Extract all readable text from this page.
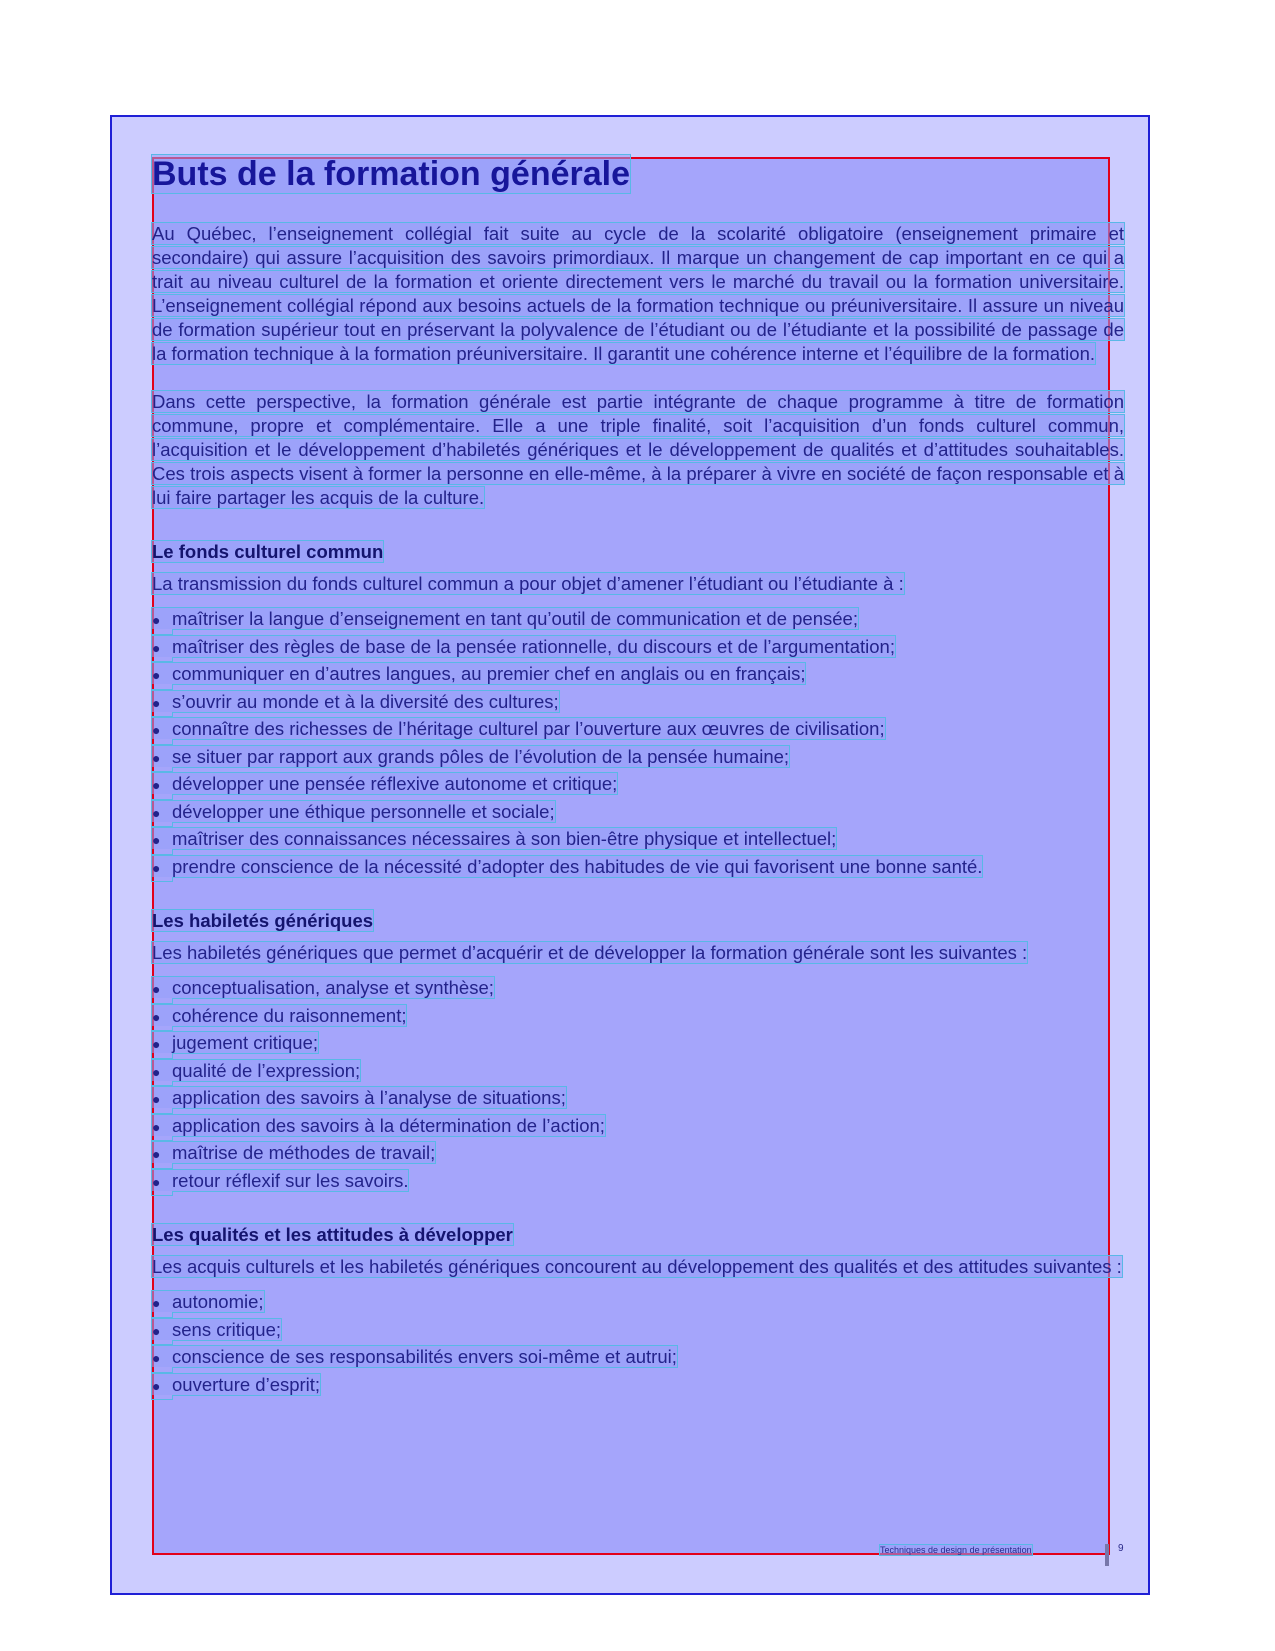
Buts de la formation générale

Au Québec, l’enseignement collégial fait suite au cycle de la scolarité obligatoire (enseignement primaire et secondaire) qui assure l’acquisition des savoirs primordiaux. Il marque un changement de cap important en ce qui a trait au niveau culturel de la formation et oriente directement vers le marché du travail ou la formation universitaire. L’enseignement collégial répond aux besoins actuels de la formation technique ou préuniversitaire. Il assure un niveau de formation supérieur tout en préservant la polyvalence de l’étudiant ou de l’étudiante et la possibilité de passage de la formation technique à la formation préuniversitaire. Il garantit une cohérence interne et l’équilibre de la formation.

Dans cette perspective, la formation générale est partie intégrante de chaque programme à titre de formation commune, propre et complémentaire. Elle a une triple finalité, soit l’acquisition d’un fonds culturel commun, l’acquisition et le développement d’habiletés génériques et le développement de qualités et d’attitudes souhaitables. Ces trois aspects visent à former la personne en elle-même, à la préparer à vivre en société de façon responsable et à lui faire partager les acquis de la culture.

Le fonds culturel commun

La transmission du fonds culturel commun a pour objet d’amener l’étudiant ou l’étudiante à :

● maîtriser la langue d’enseignement en tant qu’outil de communication et de pensée;
● maîtriser des règles de base de la pensée rationnelle, du discours et de l’argumentation;
● communiquer en d’autres langues, au premier chef en anglais ou en français;
● s’ouvrir au monde et à la diversité des cultures;
● connaître des richesses de l’héritage culturel par l’ouverture aux œuvres de civilisation;
● se situer par rapport aux grands pôles de l’évolution de la pensée humaine;
● développer une pensée réflexive autonome et critique;
● développer une éthique personnelle et sociale;
● maîtriser des connaissances nécessaires à son bien-être physique et intellectuel;
● prendre conscience de la nécessité d’adopter des habitudes de vie qui favorisent une bonne santé.
Les habiletés génériques

Les habiletés génériques que permet d’acquérir et de développer la formation générale sont les suivantes :

● conceptualisation, analyse et synthèse;
● cohérence du raisonnement;
● jugement critique;
● qualité de l’expression;
● application des savoirs à l’analyse de situations;
● application des savoirs à la détermination de l’action;
● maîtrise de méthodes de travail;
● retour réflexif sur les savoirs.
Les qualités et les attitudes à développer

Les acquis culturels et les habiletés génériques concourent au développement des qualités et des attitudes suivantes :

● autonomie;
● sens critique;
● conscience de ses responsabilités envers soi-même et autrui;
● ouverture d’esprit;
Techniques de design de présentation	9
